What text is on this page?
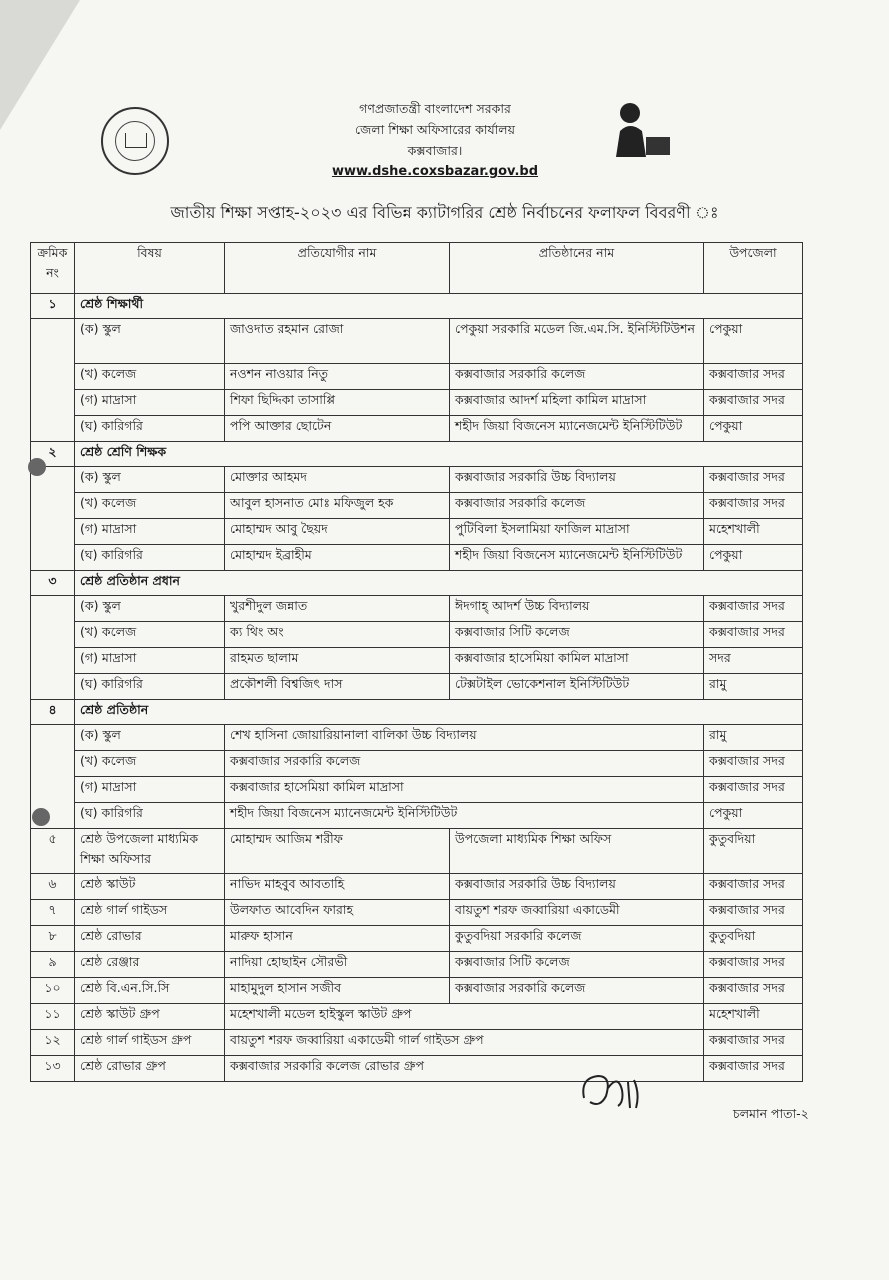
গণপ্রজাতন্ত্রী বাংলাদেশ সরকার
জেলা শিক্ষা অফিসারের কার্যালয়
কক্সবাজার।
www.dshe.coxsbazar.gov.bd
জাতীয় শিক্ষা সপ্তাহ-২০২৩ এর বিভিন্ন ক্যাটাগরির শ্রেষ্ঠ নির্বাচনের ফলাফল বিবরণী ঃ
ক্রমিক নং	বিষয়	প্রতিযোগীর নাম	প্রতিষ্ঠানের নাম	উপজেলা
১	শ্রেষ্ঠ শিক্ষার্থী			
	(ক) স্কুল	জাওদাত রহমান রোজা	পেকুয়া সরকারি মডেল জি.এম.সি. ইনিস্টিটিউশন	পেকুয়া
	(খ) কলেজ	নওশন নাওয়ার নিতু	কক্সবাজার সরকারি কলেজ	কক্সবাজার সদর
	(গ) মাদ্রাসা	শিফা ছিদ্দিকা তাসাপ্পি	কক্সবাজার আদর্শ মহিলা কামিল মাদ্রাসা	কক্সবাজার সদর
	(ঘ) কারিগরি	পপি আক্তার ছোটেন	শহীদ জিয়া বিজনেস ম্যানেজমেন্ট ইনিস্টিটিউট	পেকুয়া
২	শ্রেষ্ঠ শ্রেণি শিক্ষক			
	(ক) স্কুল	মোক্তার আহমদ	কক্সবাজার সরকারি উচ্চ বিদ্যালয়	কক্সবাজার সদর
	(খ) কলেজ	আবুল হাসনাত মোঃ মফিজুল হক	কক্সবাজার সরকারি কলেজ	কক্সবাজার সদর
	(গ) মাদ্রাসা	মোহাম্মদ আবু ছৈয়দ	পুটিবিলা ইসলামিয়া ফাজিল মাদ্রাসা	মহেশখালী
	(ঘ) কারিগরি	মোহাম্মদ ইব্রাহীম	শহীদ জিয়া বিজনেস ম্যানেজমেন্ট ইনিস্টিটিউট	পেকুয়া
৩	শ্রেষ্ঠ প্রতিষ্ঠান প্রধান			
	(ক) স্কুল	খুরশীদুল জন্নাত	ঈদগাহ্ আদর্শ উচ্চ বিদ্যালয়	কক্সবাজার সদর
	(খ) কলেজ	ক্য থিং অং	কক্সবাজার সিটি কলেজ	কক্সবাজার সদর
	(গ) মাদ্রাসা	রাহমত ছালাম	কক্সবাজার হাসেমিয়া কামিল মাদ্রাসা	সদর
	(ঘ) কারিগরি	প্রকৌশলী বিশ্বজিৎ দাস	টেক্সটাইল ভোকেশনাল ইনিস্টিটিউট	রামু
৪	শ্রেষ্ঠ প্রতিষ্ঠান			
	(ক) স্কুল	শেখ হাসিনা জোয়ারিয়ানালা বালিকা উচ্চ বিদ্যালয়		রামু
	(খ) কলেজ	কক্সবাজার সরকারি কলেজ		কক্সবাজার সদর
	(গ) মাদ্রাসা	কক্সবাজার হাসেমিয়া কামিল মাদ্রাসা		কক্সবাজার সদর
	(ঘ) কারিগরি	শহীদ জিয়া বিজনেস ম্যানেজমেন্ট ইনিস্টিটিউট		পেকুয়া
৫	শ্রেষ্ঠ উপজেলা মাধ্যমিক শিক্ষা অফিসার	মোহাম্মদ আজিম শরীফ	উপজেলা মাধ্যমিক শিক্ষা অফিস	কুতুবদিয়া
৬	শ্রেষ্ঠ স্কাউট	নাভিদ মাহবুব আবতাহি	কক্সবাজার সরকারি উচ্চ বিদ্যালয়	কক্সবাজার সদর
৭	শ্রেষ্ঠ গার্ল গাইডস	উলফাত আবেদিন ফারাহ	বায়তুশ শরফ জব্বারিয়া একাডেমী	কক্সবাজার সদর
৮	শ্রেষ্ঠ রোভার	মারুফ হাসান	কুতুবদিয়া সরকারি কলেজ	কুতুবদিয়া
৯	শ্রেষ্ঠ রেঞ্জার	নাদিয়া হোছাইন সৌরভী	কক্সবাজার সিটি কলেজ	কক্সবাজার সদর
১০	শ্রেষ্ঠ বি.এন.সি.সি	মাহামুদুল হাসান সজীব	কক্সবাজার সরকারি কলেজ	কক্সবাজার সদর
১১	শ্রেষ্ঠ স্কাউট গ্রুপ	মহেশখালী মডেল হাইস্কুল স্কাউট গ্রুপ		মহেশখালী
১২	শ্রেষ্ঠ গার্ল গাইডস গ্রুপ	বায়তুশ শরফ জব্বারিয়া একাডেমী গার্ল গাইডস গ্রুপ		কক্সবাজার সদর
১৩	শ্রেষ্ঠ রোভার গ্রুপ	কক্সবাজার সরকারি কলেজ রোভার গ্রুপ		কক্সবাজার সদর
চলমান পাতা-২
